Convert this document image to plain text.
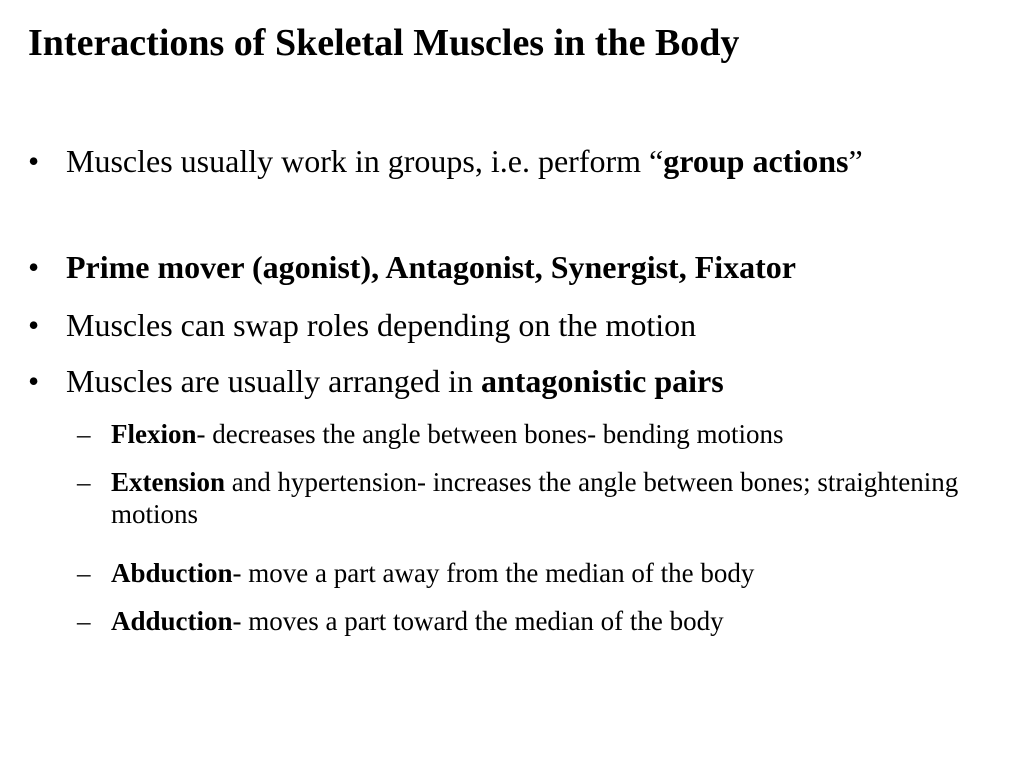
Interactions of Skeletal Muscles in the Body
• Muscles usually work in groups, i.e. perform “group actions”
• Prime mover (agonist), Antagonist, Synergist, Fixator
• Muscles can swap roles depending on the motion
• Muscles are usually arranged in antagonistic pairs
– Flexion- decreases the angle between bones- bending motions
– Extension and hypertension- increases the angle between bones; straightening motions
– Abduction- move a part away from the median of the body
– Adduction- moves a part toward the median of the body
